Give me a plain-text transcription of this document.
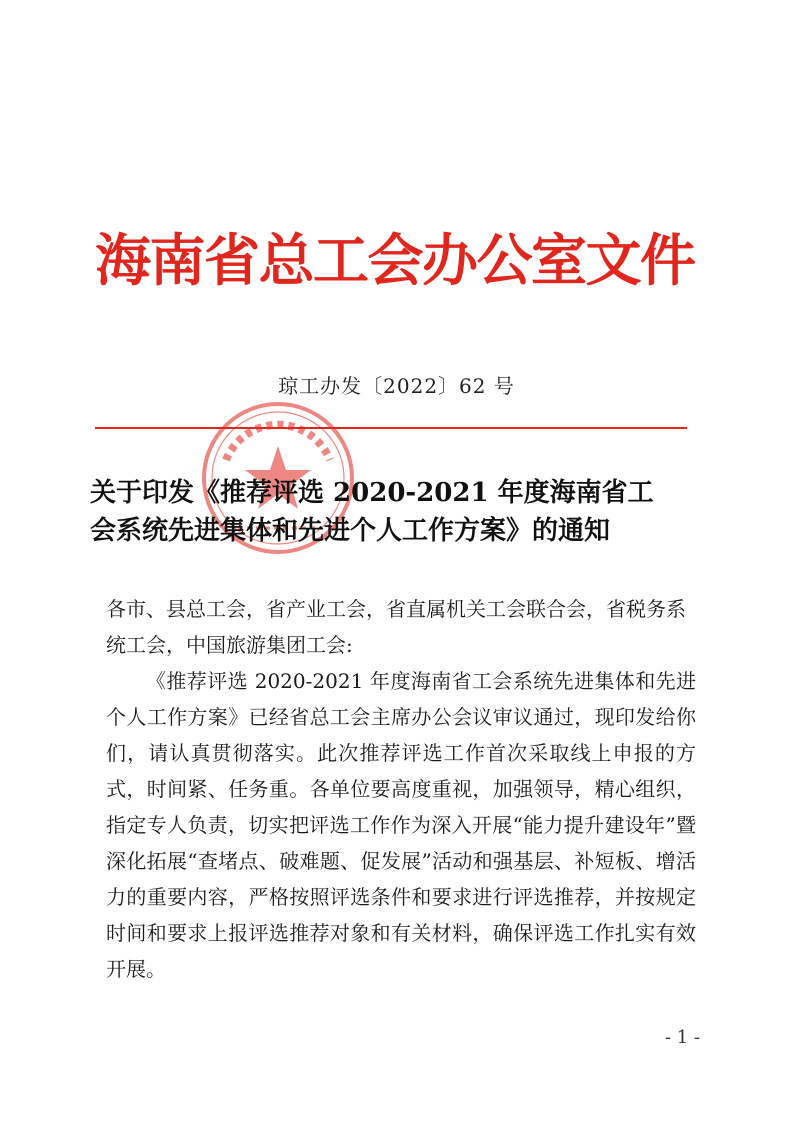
海南省总工会办公室文件
琼工办发〔2022〕62 号
关于印发《推荐评选 2020-2021 年度海南省工
会系统先进集体和先进个人工作方案》的通知
各市、县总工会，省产业工会，省直属机关工会联合会，省税务系统工会，中国旅游集团工会:
《推荐评选 2020-2021 年度海南省工会系统先进集体和先进个人工作方案》已经省总工会主席办公会议审议通过，现印发给你们，请认真贯彻落实。此次推荐评选工作首次采取线上申报的方式，时间紧、任务重。各单位要高度重视，加强领导，精心组织，指定专人负责，切实把评选工作作为深入开展“能力提升建设年”暨深化拓展“查堵点、破难题、促发展”活动和强基层、补短板、增活力的重要内容，严格按照评选条件和要求进行评选推荐，并按规定时间和要求上报评选推荐对象和有关材料，确保评选工作扎实有效开展。
- 1 -
